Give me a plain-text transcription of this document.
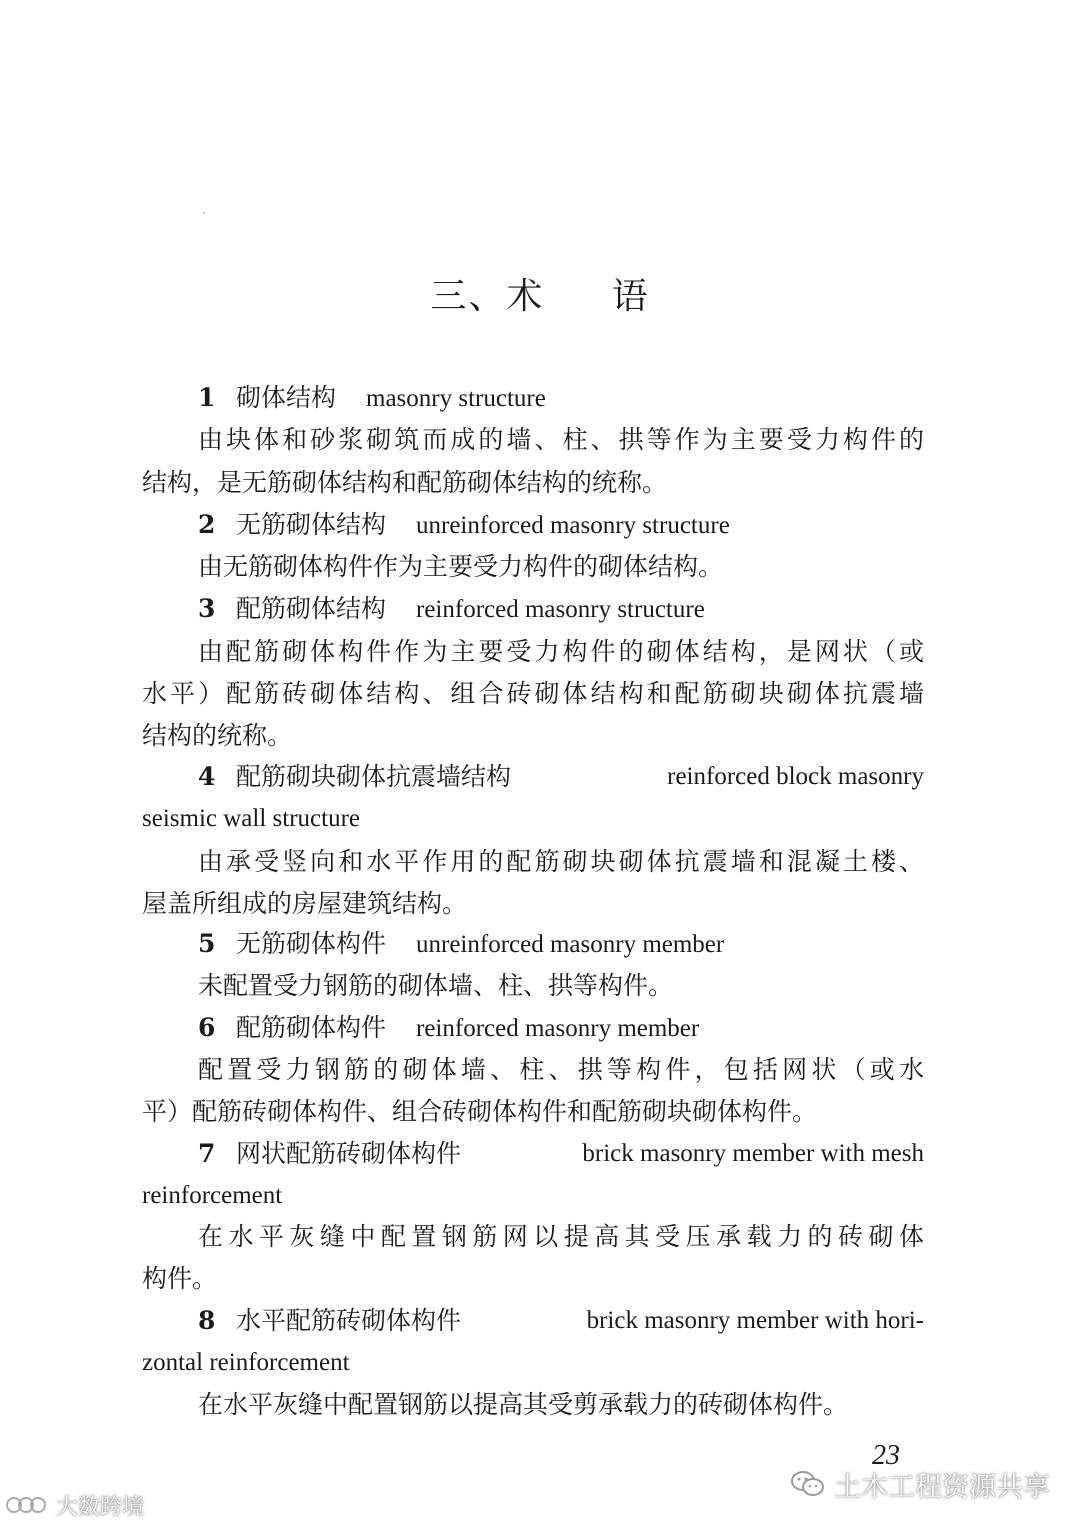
三、术     语
1 砌体结构 masonry structure
由块体和砂浆砌筑而成的墙、柱、拱等作为主要受力构件的
结构，是无筋砌体结构和配筋砌体结构的统称。
2 无筋砌体结构 unreinforced masonry structure
由无筋砌体构件作为主要受力构件的砌体结构。
3 配筋砌体结构 reinforced masonry structure
由配筋砌体构件作为主要受力构件的砌体结构，是网状（或
水平）配筋砖砌体结构、组合砖砌体结构和配筋砌块砌体抗震墙
结构的统称。
4 配筋砌块砌体抗震墙结构	reinforced block masonry
seismic wall structure
由承受竖向和水平作用的配筋砌块砌体抗震墙和混凝土楼、
屋盖所组成的房屋建筑结构。
5 无筋砌体构件 unreinforced masonry member
未配置受力钢筋的砌体墙、柱、拱等构件。
6 配筋砌体构件 reinforced masonry member
配置受力钢筋的砌体墙、柱、拱等构件，包括网状（或水
平）配筋砖砌体构件、组合砖砌体构件和配筋砌块砌体构件。
7 网状配筋砖砌体构件	brick masonry member with mesh
reinforcement
在水平灰缝中配置钢筋网以提高其受压承载力的砖砌体
构件。
8 水平配筋砖砌体构件	brick masonry member with hori-
zontal reinforcement
在水平灰缝中配置钢筋以提高其受剪承载力的砖砌体构件。
23
土木工程资源共享
大数跨境
